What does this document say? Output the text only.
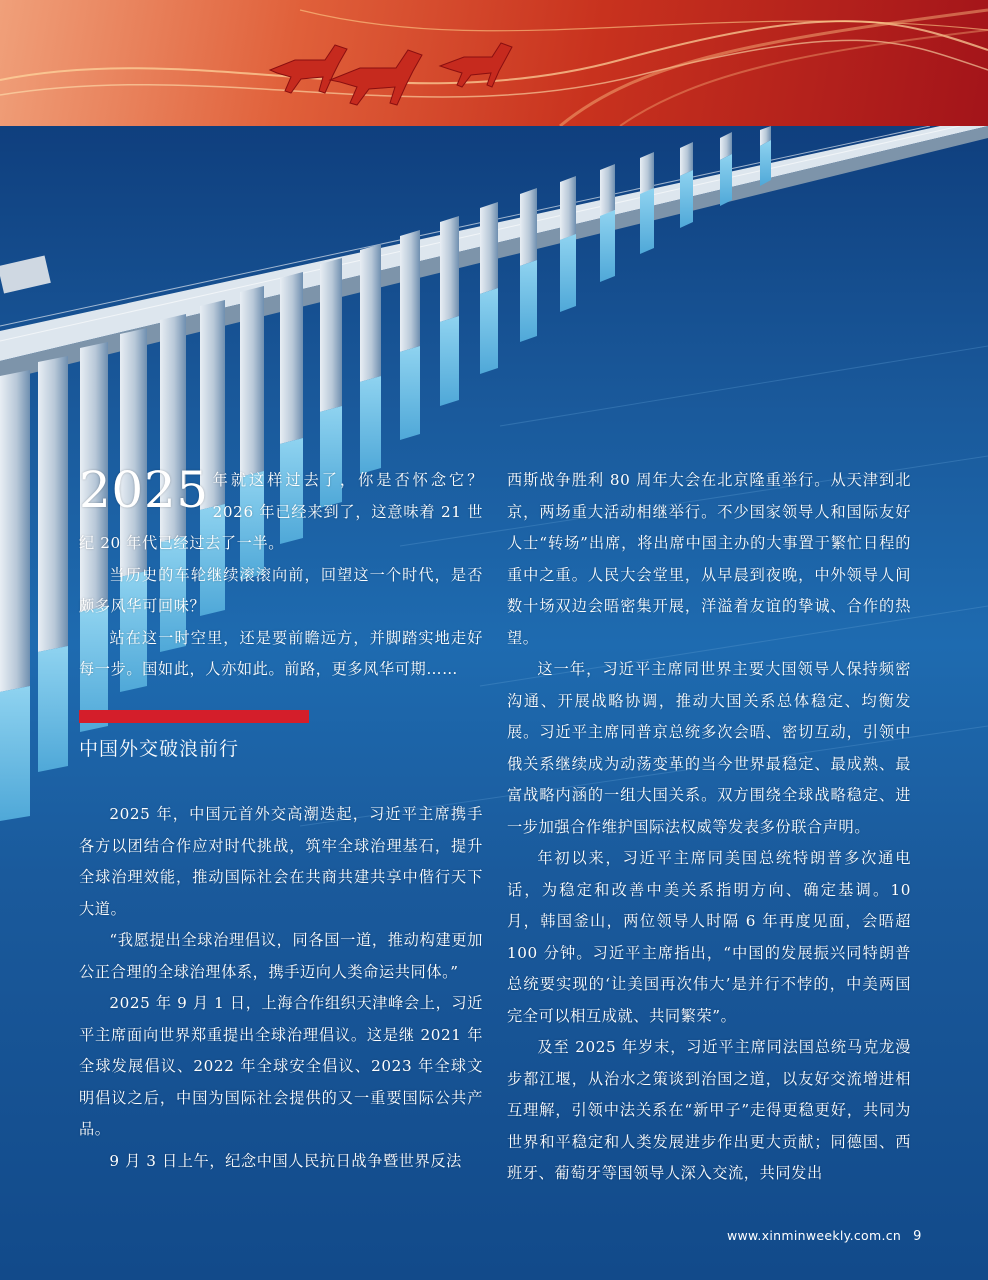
2025 年就这样过去了，你是否怀念它？2026 年已经来到了，这意味着 21 世纪 20 年代已经过去了一半。

当历史的车轮继续滚滚向前，回望这一个时代，是否颇多风华可回味？

站在这一时空里，还是要前瞻远方，并脚踏实地走好每一步。国如此，人亦如此。前路，更多风华可期……

中国外交破浪前行

2025 年，中国元首外交高潮迭起，习近平主席携手各方以团结合作应对时代挑战，筑牢全球治理基石，提升全球治理效能，推动国际社会在共商共建共享中偕行天下大道。

“我愿提出全球治理倡议，同各国一道，推动构建更加公正合理的全球治理体系，携手迈向人类命运共同体。”

2025 年 9 月 1 日，上海合作组织天津峰会上，习近平主席面向世界郑重提出全球治理倡议。这是继 2021 年全球发展倡议、2022 年全球安全倡议、2023 年全球文明倡议之后，中国为国际社会提供的又一重要国际公共产品。

9 月 3 日上午，纪念中国人民抗日战争暨世界反法

西斯战争胜利 80 周年大会在北京隆重举行。从天津到北京，两场重大活动相继举行。不少国家领导人和国际友好人士“转场”出席，将出席中国主办的大事置于繁忙日程的重中之重。人民大会堂里，从早晨到夜晚，中外领导人间数十场双边会晤密集开展，洋溢着友谊的挚诚、合作的热望。

这一年，习近平主席同世界主要大国领导人保持频密沟通、开展战略协调，推动大国关系总体稳定、均衡发展。习近平主席同普京总统多次会晤、密切互动，引领中俄关系继续成为动荡变革的当今世界最稳定、最成熟、最富战略内涵的一组大国关系。双方围绕全球战略稳定、进一步加强合作维护国际法权威等发表多份联合声明。

年初以来，习近平主席同美国总统特朗普多次通电话，为稳定和改善中美关系指明方向、确定基调。10 月，韩国釜山，两位领导人时隔 6 年再度见面，会晤超 100 分钟。习近平主席指出，“中国的发展振兴同特朗普总统要实现的‘让美国再次伟大’是并行不悖的，中美两国完全可以相互成就、共同繁荣”。

及至 2025 年岁末，习近平主席同法国总统马克龙漫步都江堰，从治水之策谈到治国之道，以友好交流增进相互理解，引领中法关系在“新甲子”走得更稳更好，共同为世界和平稳定和人类发展进步作出更大贡献；同德国、西班牙、葡萄牙等国领导人深入交流，共同发出

www.xinminweekly.com.cn 9
